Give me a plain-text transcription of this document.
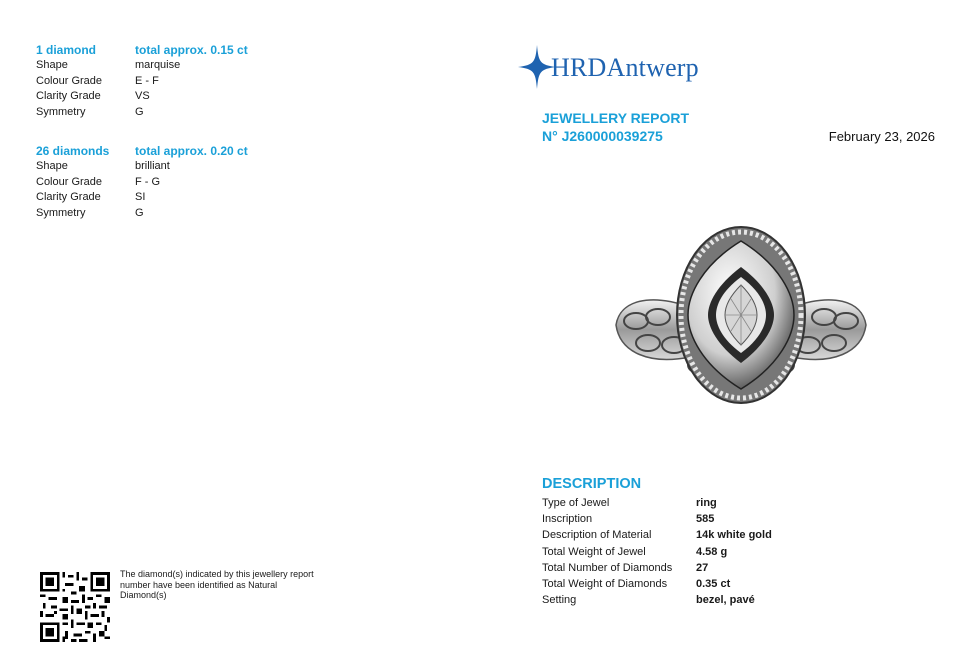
1 diamond	total approx. 0.15 ct
Shape	marquise
Colour Grade	E - F
Clarity Grade	VS
Symmetry	G
26 diamonds	total approx. 0.20 ct
Shape	brilliant
Colour Grade	F - G
Clarity Grade	SI
Symmetry	G
HRDAntwerp
JEWELLERY REPORT
N° J260000039275	February 23, 2026
DESCRIPTION
Type of Jewel	ring
Inscription	585
Description of Material	14k white gold
Total Weight of Jewel	4.58 g
Total Number of Diamonds	27
Total Weight of Diamonds	0.35 ct
Setting	bezel, pavé
The diamond(s) indicated by this jewellery report number have been identified as Natural Diamond(s)
